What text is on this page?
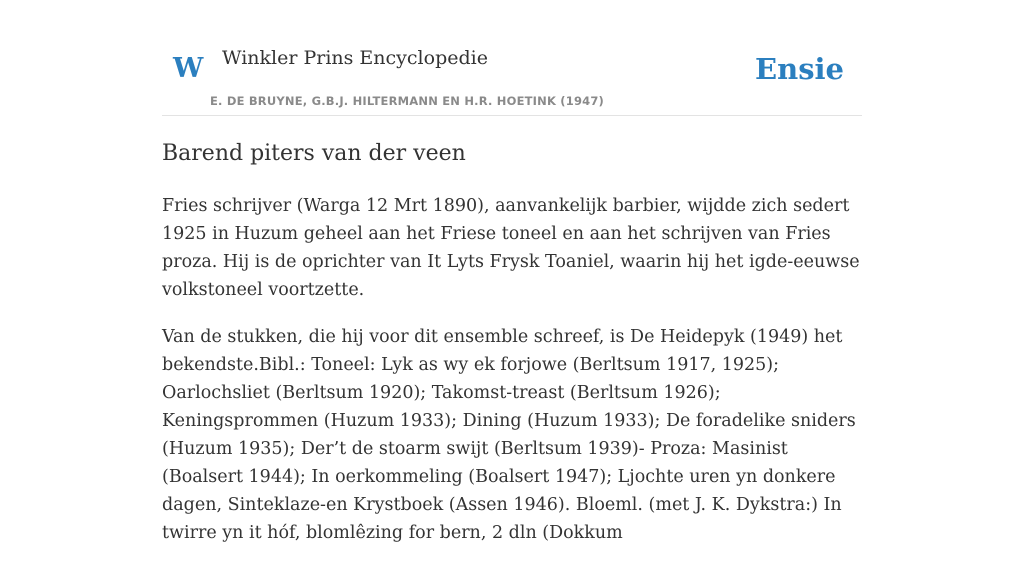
W Winkler Prins Encyclopedie
E. DE BRUYNE, G.B.J. HILTERMANN EN H.R. HOETINK (1947)
Ensie
Barend piters van der veen

Fries schrijver (Warga 12 Mrt 1890), aanvankelijk barbier, wijdde zich sedert 1925 in Huzum geheel aan het Friese toneel en aan het schrijven van Fries proza. Hij is de oprichter van It Lyts Frysk Toaniel, waarin hij het igde-eeuwse volkstoneel voortzette.

Van de stukken, die hij voor dit ensemble schreef, is De Heidepyk (1949) het bekendste.Bibl.: Toneel: Lyk as wy ek forjowe (Berltsum 1917, 1925); Oarlochsliet (Berltsum 1920); Takomst-treast (Berltsum 1926); Keningsprommen (Huzum 1933); Dining (Huzum 1933); De foradelike sniders (Huzum 1935); Der’t de stoarm swijt (Berltsum 1939)- Proza: Masinist (Boalsert 1944); In oerkommeling (Boalsert 1947); Ljochte uren yn donkere dagen, Sinteklaze-en Krystboek (Assen 1946). Bloeml. (met J. K. Dykstra:) In twirre yn it hóf, blomlêzing for bern, 2 dln (Dokkum
